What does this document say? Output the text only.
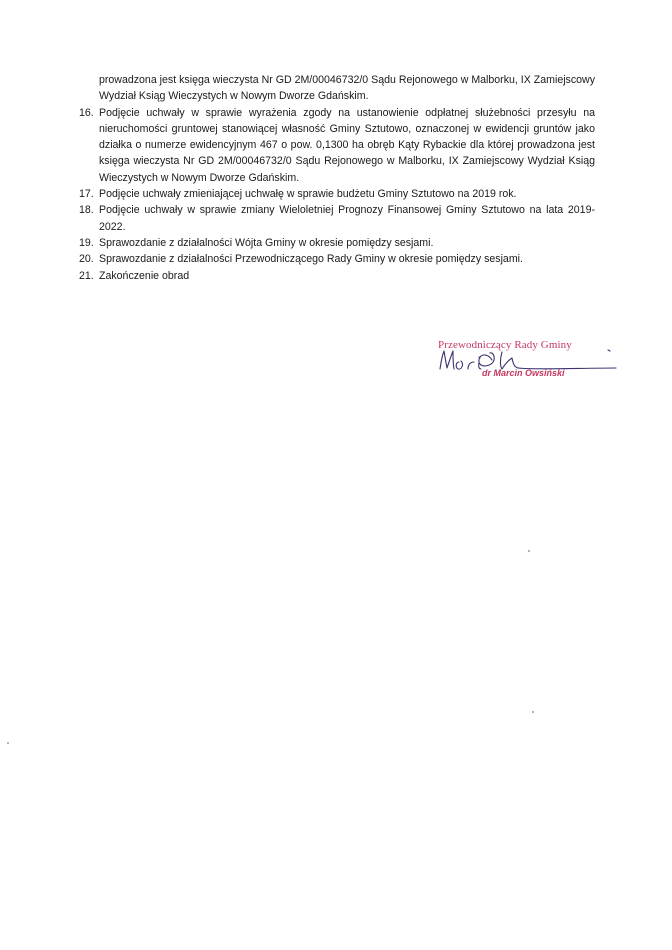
prowadzona jest księga wieczysta Nr GD 2M/00046732/0 Sądu Rejonowego w Malborku, IX Zamiejscowy Wydział Ksiąg Wieczystych w Nowym Dworze Gdańskim.
16. Podjęcie uchwały w sprawie wyrażenia zgody na ustanowienie odpłatnej służebności przesyłu na nieruchomości gruntowej stanowiącej własność Gminy Sztutowo, oznaczonej w ewidencji gruntów jako działka o numerze ewidencyjnym 467 o pow. 0,1300 ha obręb Kąty Rybackie dla której prowadzona jest księga wieczysta Nr GD 2M/00046732/0 Sądu Rejonowego w Malborku, IX Zamiejscowy Wydział Ksiąg Wieczystych w Nowym Dworze Gdańskim.
17. Podjęcie uchwały zmieniającej uchwałę w sprawie budżetu Gminy Sztutowo na 2019 rok.
18. Podjęcie uchwały w sprawie zmiany Wieloletniej Prognozy Finansowej Gminy Sztutowo na lata 2019-2022.
19. Sprawozdanie z działalności Wójta Gminy w okresie pomiędzy sesjami.
20. Sprawozdanie z działalności Przewodniczącego Rady Gminy w okresie pomiędzy sesjami.
21. Zakończenie obrad
Przewodniczący Rady Gminy
dr Marcin Owsiński
